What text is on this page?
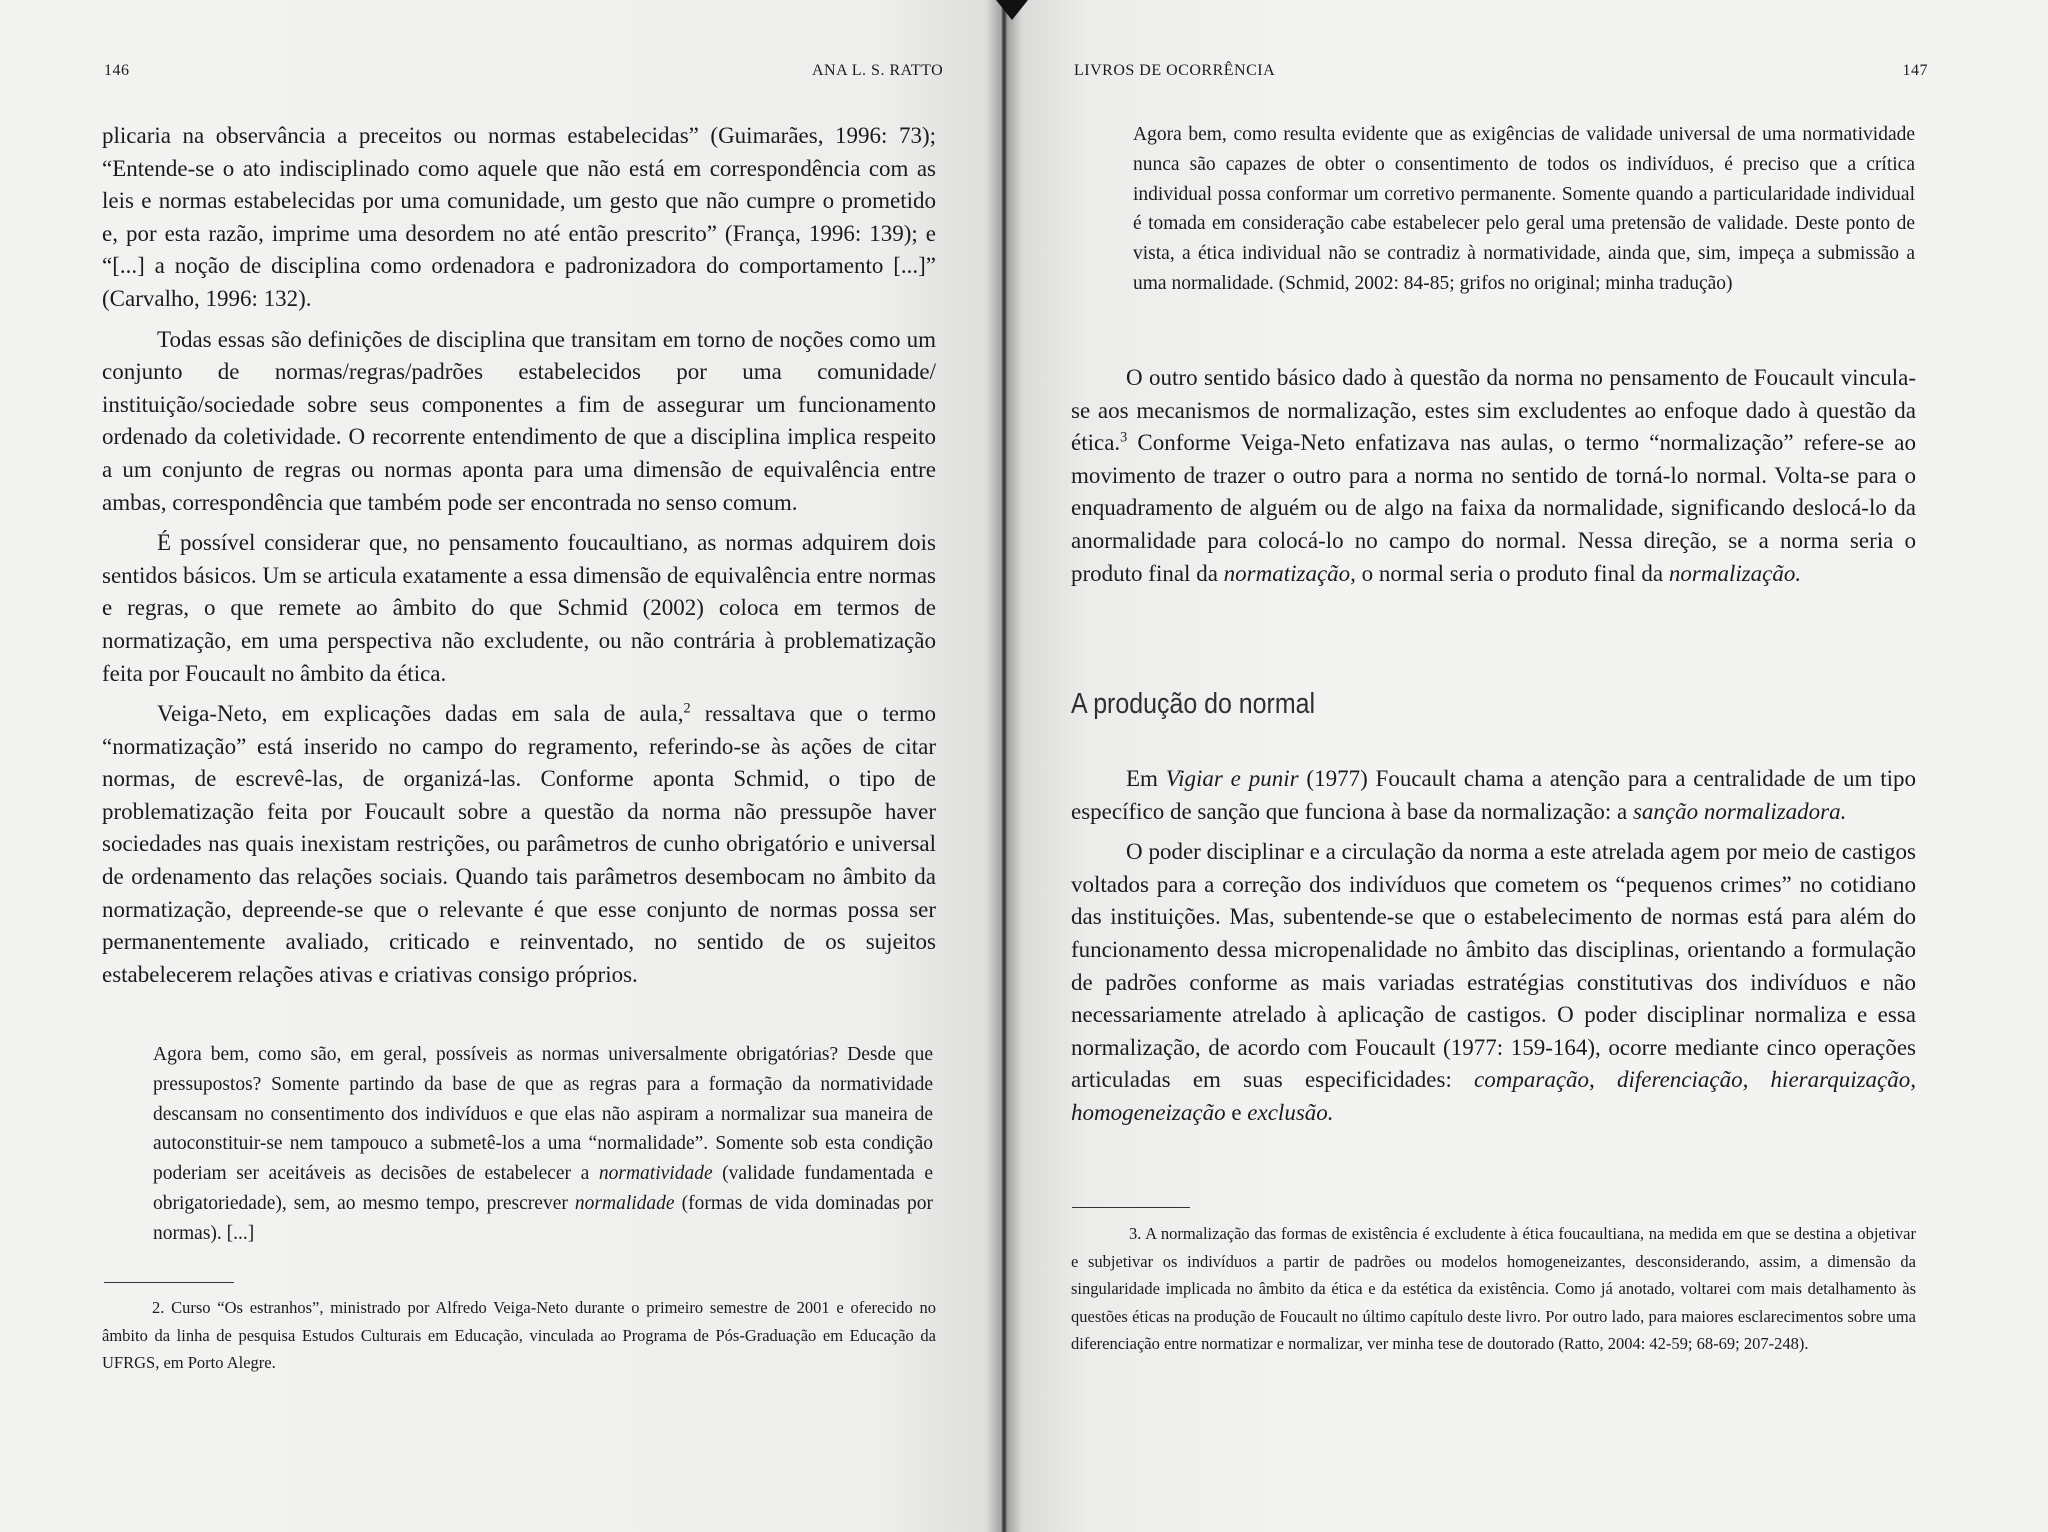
146	ANA L. S. RATTO

plicaria na observância a preceitos ou normas estabelecidas” (Guimarães, 1996: 73); “Entende-se o ato indisciplinado como aquele que não está em correspondência com as leis e normas estabelecidas por uma comunidade, um gesto que não cumpre o prometido e, por esta razão, imprime uma desordem no até então prescrito” (França, 1996: 139); e “[...] a noção de disciplina como ordenadora e padronizadora do comportamento [...]” (Carvalho, 1996: 132).

Todas essas são definições de disciplina que transitam em torno de noções como um conjunto de normas/regras/padrões estabelecidos por uma comunidade/ instituição/sociedade sobre seus componentes a fim de assegurar um funcionamento ordenado da coletividade. O recorrente entendimento de que a disciplina implica respeito a um conjunto de regras ou normas aponta para uma dimensão de equivalência entre ambas, correspondência que também pode ser encontrada no senso comum.

É possível considerar que, no pensamento foucaultiano, as normas adquirem dois sentidos básicos. Um se articula exatamente a essa dimensão de equivalência entre normas e regras, o que remete ao âmbito do que Schmid (2002) coloca em termos de normatização, em uma perspectiva não excludente, ou não contrária à problematização feita por Foucault no âmbito da ética.

Veiga-Neto, em explicações dadas em sala de aula,$^2$ ressaltava que o termo “normatização” está inserido no campo do regramento, referindo-se às ações de citar normas, de escrevê-las, de organizá-las. Conforme aponta Schmid, o tipo de problematização feita por Foucault sobre a questão da norma não pressupõe haver sociedades nas quais inexistam restrições, ou parâmetros de cunho obrigatório e universal de ordenamento das relações sociais. Quando tais parâmetros desembocam no âmbito da normatização, depreende-se que o relevante é que esse conjunto de normas possa ser permanentemente avaliado, criticado e reinventado, no sentido de os sujeitos estabelecerem relações ativas e criativas consigo próprios.

Agora bem, como são, em geral, possíveis as normas universalmente obrigatórias? Desde que pressupostos? Somente partindo da base de que as regras para a formação da normatividade descansam no consentimento dos indivíduos e que elas não aspiram a normalizar sua maneira de autoconstituir-se nem tampouco a submetê-los a uma “normalidade”. Somente sob esta condição poderiam ser aceitáveis as decisões de estabelecer a normatividade (validade fundamentada e obrigatoriedade), sem, ao mesmo tempo, prescrever normalidade (formas de vida dominadas por normas). [...]
2. Curso “Os estranhos”, ministrado por Alfredo Veiga-Neto durante o primeiro semestre de 2001 e oferecido no âmbito da linha de pesquisa Estudos Culturais em Educação, vinculada ao Programa de Pós-Graduação em Educação da UFRGS, em Porto Alegre.
LIVROS DE OCORRÊNCIA	147
Agora bem, como resulta evidente que as exigências de validade universal de uma normatividade nunca são capazes de obter o consentimento de todos os indivíduos, é preciso que a crítica individual possa conformar um corretivo permanente. Somente quando a particularidade individual é tomada em consideração cabe estabelecer pelo geral uma pretensão de validade. Deste ponto de vista, a ética individual não se contradiz à normatividade, ainda que, sim, impeça a submissão a uma normalidade. (Schmid, 2002: 84-85; grifos no original; minha tradução)

O outro sentido básico dado à questão da norma no pensamento de Foucault vincula-se aos mecanismos de normalização, estes sim excludentes ao enfoque dado à questão da ética.$^3$ Conforme Veiga-Neto enfatizava nas aulas, o termo “normalização” refere-se ao movimento de trazer o outro para a norma no sentido de torná-lo normal. Volta-se para o enquadramento de alguém ou de algo na faixa da normalidade, significando deslocá-lo da anormalidade para colocá-lo no campo do normal. Nessa direção, se a norma seria o produto final da normatização, o normal seria o produto final da normalização.

A produção do normal

Em Vigiar e punir (1977) Foucault chama a atenção para a centralidade de um tipo específico de sanção que funciona à base da normalização: a sanção normalizadora.

O poder disciplinar e a circulação da norma a este atrelada agem por meio de castigos voltados para a correção dos indivíduos que cometem os “pequenos crimes” no cotidiano das instituições. Mas, subentende-se que o estabelecimento de normas está para além do funcionamento dessa micropenalidade no âmbito das disciplinas, orientando a formulação de padrões conforme as mais variadas estratégias constitutivas dos indivíduos e não necessariamente atrelado à aplicação de castigos. O poder disciplinar normaliza e essa normalização, de acordo com Foucault (1977: 159-164), ocorre mediante cinco operações articuladas em suas especificidades: comparação, diferenciação, hierarquização, homogeneização e exclusão.

3. A normalização das formas de existência é excludente à ética foucaultiana, na medida em que se destina a objetivar e subjetivar os indivíduos a partir de padrões ou modelos homogeneizantes, desconsiderando, assim, a dimensão da singularidade implicada no âmbito da ética e da estética da existência. Como já anotado, voltarei com mais detalhamento às questões éticas na produção de Foucault no último capítulo deste livro. Por outro lado, para maiores esclarecimentos sobre uma diferenciação entre normatizar e normalizar, ver minha tese de doutorado (Ratto, 2004: 42-59; 68-69; 207-248).
